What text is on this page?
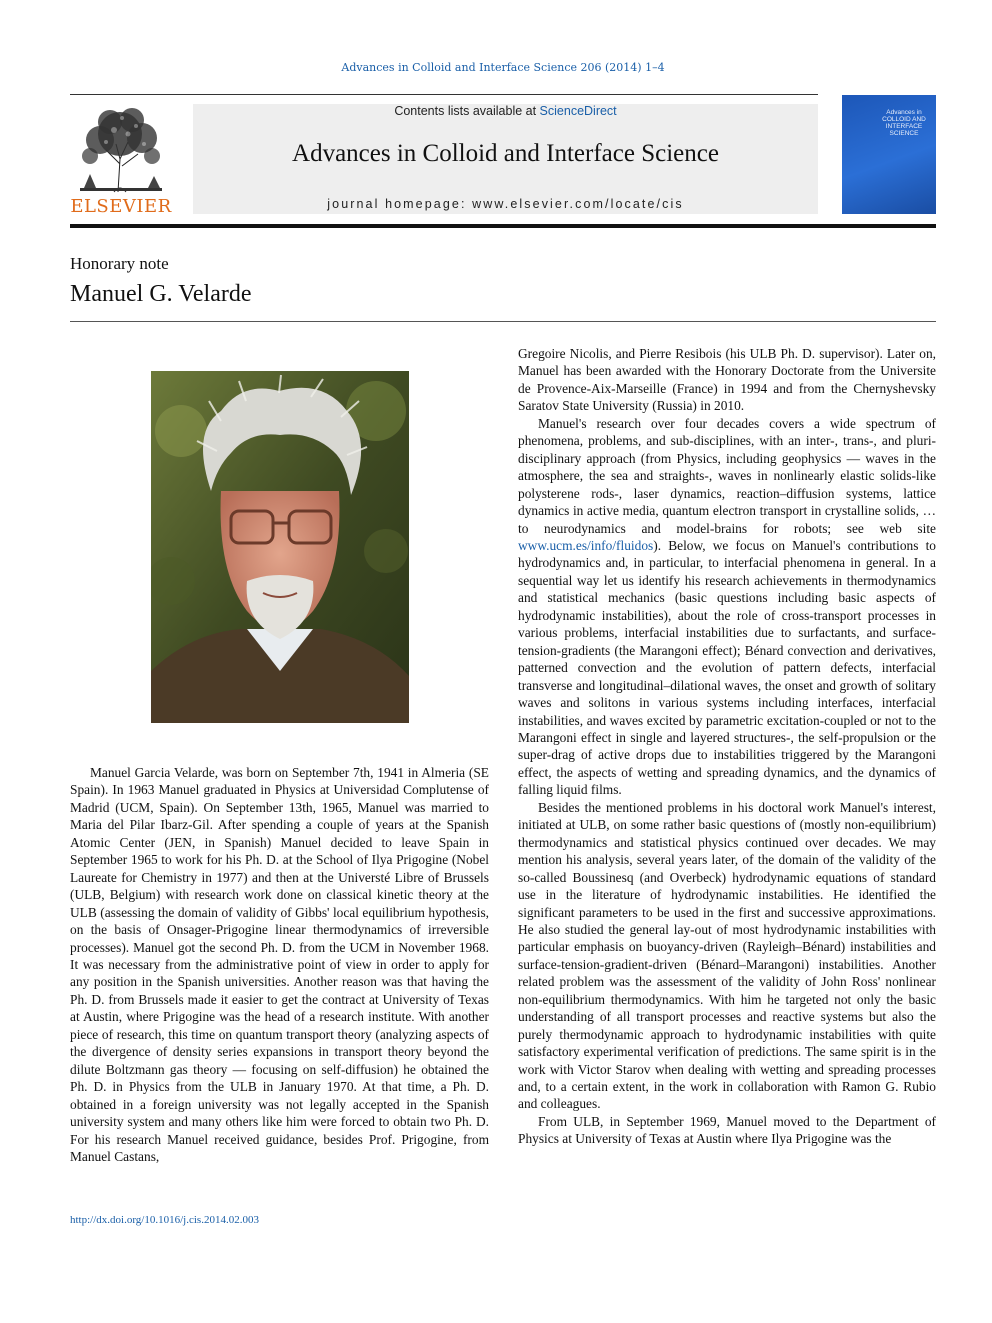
Advances in Colloid and Interface Science 206 (2014) 1–4
ELSEVIER
Contents lists available at ScienceDirect
Advances in Colloid and Interface Science
journal homepage: www.elsevier.com/locate/cis
Advances in COLLOID AND INTERFACE SCIENCE
Honorary note
Manuel G. Velarde

Manuel Garcia Velarde, was born on September 7th, 1941 in Almeria (SE Spain). In 1963 Manuel graduated in Physics at Universidad Complutense of Madrid (UCM, Spain). On September 13th, 1965, Manuel was married to Maria del Pilar Ibarz-Gil. After spending a couple of years at the Spanish Atomic Center (JEN, in Spanish) Manuel decided to leave Spain in September 1965 to work for his Ph. D. at the School of Ilya Prigogine (Nobel Laureate for Chemistry in 1977) and then at the Universté Libre of Brussels (ULB, Belgium) with research work done on classical kinetic theory at the ULB (assessing the domain of validity of Gibbs' local equilibrium hypothesis, on the basis of Onsager-Prigogine linear thermodynamics of irreversible processes). Manuel got the second Ph. D. from the UCM in November 1968. It was necessary from the administrative point of view in order to apply for any position in the Spanish universities. Another reason was that having the Ph. D. from Brussels made it easier to get the contract at University of Texas at Austin, where Prigogine was the head of a research institute. With another piece of research, this time on quantum transport theory (analyzing aspects of the divergence of density series expansions in transport theory beyond the dilute Boltzmann gas theory — focusing on self-diffusion) he obtained the Ph. D. in Physics from the ULB in January 1970. At that time, a Ph. D. obtained in a foreign university was not legally accepted in the Spanish university system and many others like him were forced to obtain two Ph. D. For his research Manuel received guidance, besides Prof. Prigogine, from Manuel Castans,

Gregoire Nicolis, and Pierre Resibois (his ULB Ph. D. supervisor). Later on, Manuel has been awarded with the Honorary Doctorate from the Universite de Provence-Aix-Marseille (France) in 1994 and from the Chernyshevsky Saratov State University (Russia) in 2010.

Manuel's research over four decades covers a wide spectrum of phenomena, problems, and sub-disciplines, with an inter-, trans-, and pluri-disciplinary approach (from Physics, including geophysics — waves in the atmosphere, the sea and straights-, waves in nonlinearly elastic solids-like polysterene rods-, laser dynamics, reaction–diffusion systems, lattice dynamics in active media, quantum electron transport in crystalline solids, … to neurodynamics and model-brains for robots; see web site www.ucm.es/info/fluidos). Below, we focus on Manuel's contributions to hydrodynamics and, in particular, to interfacial phenomena in general. In a sequential way let us identify his research achievements in thermodynamics and statistical mechanics (basic questions including basic aspects of hydrodynamic instabilities), about the role of cross-transport processes in various problems, interfacial instabilities due to surfactants, and surface-tension-gradients (the Marangoni effect); Bénard convection and derivatives, patterned convection and the evolution of pattern defects, interfacial transverse and longitudinal–dilational waves, the onset and growth of solitary waves and solitons in various systems including interfaces, interfacial instabilities, and waves excited by parametric excitation-coupled or not to the Marangoni effect in single and layered structures-, the self-propulsion or the super-drag of active drops due to instabilities triggered by the Marangoni effect, the aspects of wetting and spreading dynamics, and the dynamics of falling liquid films.

Besides the mentioned problems in his doctoral work Manuel's interest, initiated at ULB, on some rather basic questions of (mostly non-equilibrium) thermodynamics and statistical physics continued over decades. We may mention his analysis, several years later, of the domain of the validity of the so-called Boussinesq (and Overbeck) hydrodynamic equations of standard use in the literature of hydrodynamic instabilities. He identified the significant parameters to be used in the first and successive approximations. He also studied the general lay-out of most hydrodynamic instabilities with particular emphasis on buoyancy-driven (Rayleigh–Bénard) instabilities and surface-tension-gradient-driven (Bénard–Marangoni) instabilities. Another related problem was the assessment of the validity of John Ross' nonlinear non-equilibrium thermodynamics. With him he targeted not only the basic understanding of all transport processes and reactive systems but also the purely thermodynamic approach to hydrodynamic instabilities with quite satisfactory experimental verification of predictions. The same spirit is in the work with Victor Starov when dealing with wetting and spreading processes and, to a certain extent, in the work in collaboration with Ramon G. Rubio and colleagues.

From ULB, in September 1969, Manuel moved to the Department of Physics at University of Texas at Austin where Ilya Prigogine was the

http://dx.doi.org/10.1016/j.cis.2014.02.003
